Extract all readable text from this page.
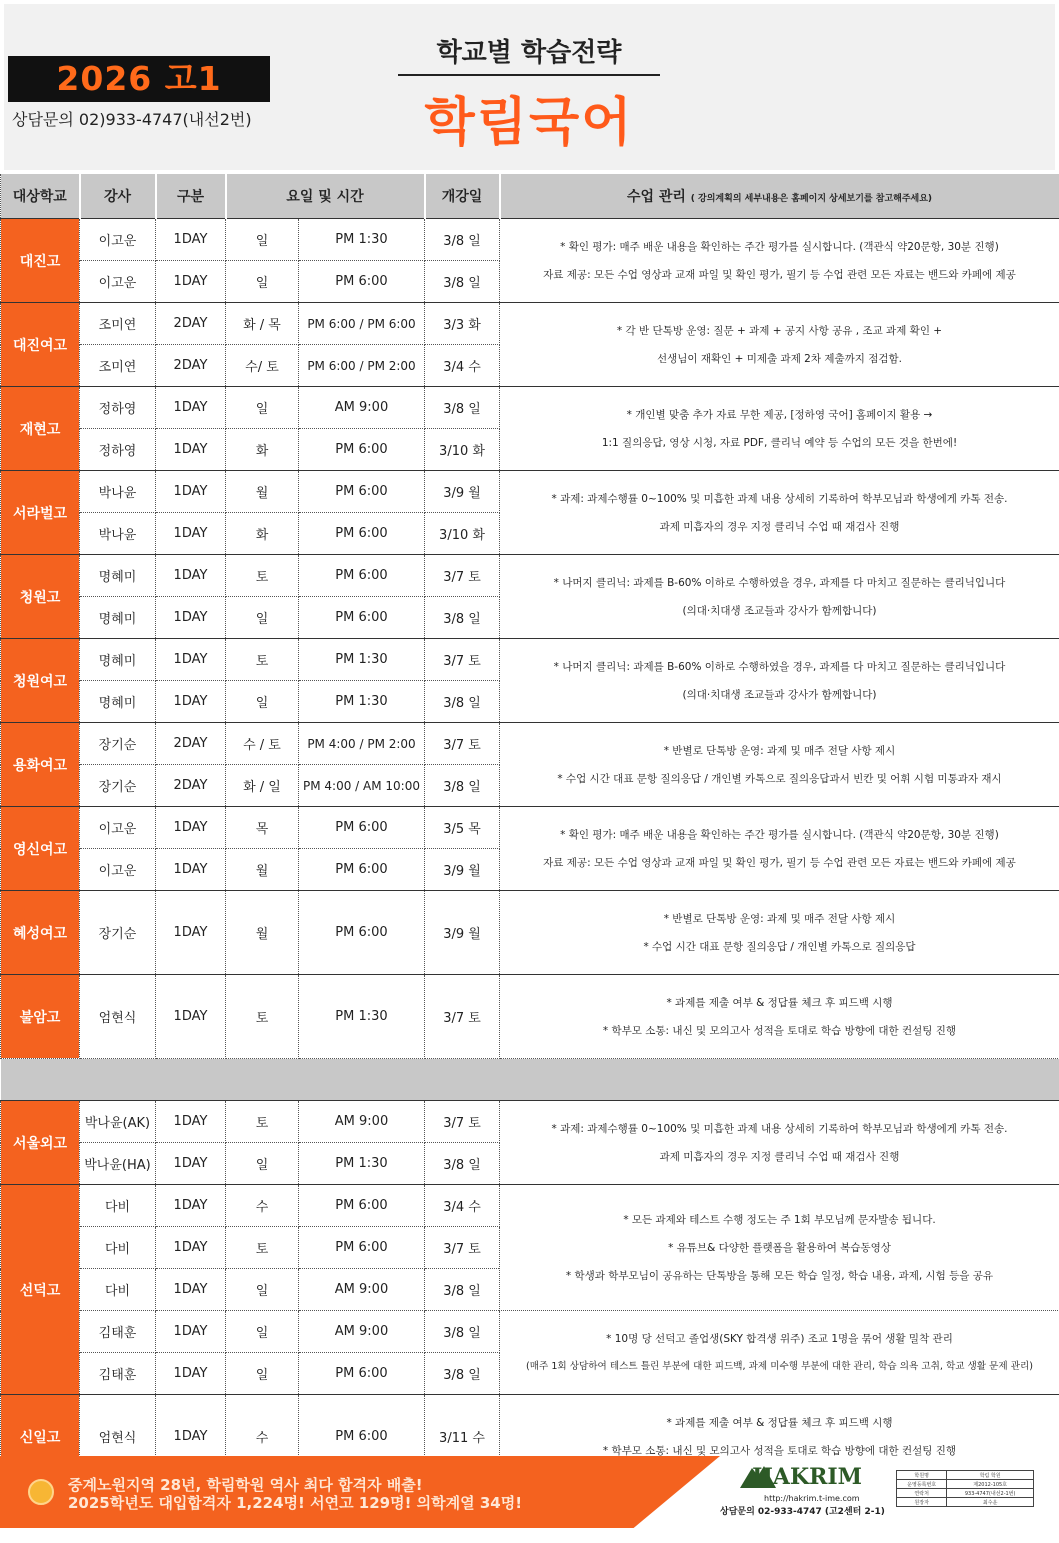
2026 고1
상담문의 02)933-4747(내선2번)
학교별 학습전략
학림국어
대상학교	강사	구분	요일 및 시간		개강일	수업 관리 ( 강의계획의 세부내용은 홈페이지 상세보기를 참고해주세요)
대진고	이고운	1DAY	일	PM 1:30	3/8 일	* 확인 평가: 매주 배운 내용을 확인하는 주간 평가를 실시합니다. (객관식 약20문항, 30분 진행)
자료 제공: 모든 수업 영상과 교재 파일 및 확인 평가, 필기 등 수업 관련 모든 자료는 밴드와 카페에 제공

	이고운	1DAY	일	PM 6:00	3/8 일	
대진여고	조미연	2DAY	화 / 목	PM 6:00 / PM 6:00	3/3 화	* 각 반 단톡방 운영: 질문 + 과제 + 공지 사항 공유 , 조교 과제 확인 +
선생님이 재확인 + 미제출 과제 2차 제출까지 점검함.

	조미연	2DAY	수/ 토	PM 6:00 / PM 2:00	3/4 수	
재현고	정하영	1DAY	일	AM 9:00	3/8 일	* 개인별 맞춤 추가 자료 무한 제공, [정하영 국어] 홈페이지 활용 →
1:1 질의응답, 영상 시청, 자료 PDF, 클리닉 예약 등 수업의 모든 것을 한번에!

	정하영	1DAY	화	PM 6:00	3/10 화	
서라벌고	박나윤	1DAY	월	PM 6:00	3/9 월	* 과제: 과제수행률 0~100% 및 미흡한 과제 내용 상세히 기록하여 학부모님과 학생에게 카톡 전송.
과제 미흡자의 경우 지정 클리닉 수업 때 재검사 진행

	박나윤	1DAY	화	PM 6:00	3/10 화	
청원고	명혜미	1DAY	토	PM 6:00	3/7 토	* 나머지 클리닉: 과제를 B-60% 이하로 수행하였을 경우, 과제를 다 마치고 질문하는 클리닉입니다
(의대·치대생 조교들과 강사가 함께합니다)

	명혜미	1DAY	일	PM 6:00	3/8 일	
청원여고	명혜미	1DAY	토	PM 1:30	3/7 토	* 나머지 클리닉: 과제를 B-60% 이하로 수행하였을 경우, 과제를 다 마치고 질문하는 클리닉입니다
(의대·치대생 조교들과 강사가 함께합니다)

	명혜미	1DAY	일	PM 1:30	3/8 일	
용화여고	장기순	2DAY	수 / 토	PM 4:00 / PM 2:00	3/7 토	* 반별로 단톡방 운영: 과제 및 매주 전달 사항 제시
* 수업 시간 대표 문항 질의응답 / 개인별 카톡으로 질의응답과서 빈칸 및 어휘 시험 미통과자 재시

	장기순	2DAY	화 / 일	PM 4:00 / AM 10:00	3/8 일	
영신여고	이고운	1DAY	목	PM 6:00	3/5 목	* 확인 평가: 매주 배운 내용을 확인하는 주간 평가를 실시합니다. (객관식 약20문항, 30분 진행)
자료 제공: 모든 수업 영상과 교재 파일 및 확인 평가, 필기 등 수업 관련 모든 자료는 밴드와 카페에 제공

	이고운	1DAY	월	PM 6:00	3/9 월	
혜성여고	장기순	1DAY	월	PM 6:00	3/9 월	* 반별로 단톡방 운영: 과제 및 매주 전달 사항 제시
* 수업 시간 대표 문항 질의응답 / 개인별 카톡으로 질의응답

불암고	엄현식	1DAY	토	PM 1:30	3/7 토	* 과제를 제출 여부 & 정답률 체크 후 피드백 시행
* 학부모 소통: 내신 및 모의고사 성적을 토대로 학습 방향에 대한 컨설팅 진행

서울외고	박나윤(AK)	1DAY	토	AM 9:00	3/7 토	* 과제: 과제수행률 0~100% 및 미흡한 과제 내용 상세히 기록하여 학부모님과 학생에게 카톡 전송.
과제 미흡자의 경우 지정 클리닉 수업 때 재검사 진행

	박나윤(HA)	1DAY	일	PM 1:30	3/8 일	
선덕고	다비	1DAY	수	PM 6:00	3/4 수	* 모든 과제와 테스트 수행 정도는 주 1회 부모님께 문자발송 됩니다.
* 유튜브& 다양한 플랫폼을 활용하여 복습동영상
* 학생과 학부모님이 공유하는 단톡방을 통해 모든 학습 일정, 학습 내용, 과제, 시험 등을 공유

	다비	1DAY	토	PM 6:00	3/7 토	
	다비	1DAY	일	AM 9:00	3/8 일	
	김태훈	1DAY	일	AM 9:00	3/8 일	* 10명 당 선덕고 졸업생(SKY 합격생 위주) 조교 1명을 묶어 생활 밀착 관리
(매주 1회 상담하여 테스트 틀린 부분에 대한 피드백, 과제 미수행 부분에 대한 관리, 학습 의욕 고취, 학교 생활 문제 관리)

	김태훈	1DAY	일	PM 6:00	3/8 일	
신일고	엄현식	1DAY	수	PM 6:00	3/11 수	* 과제를 제출 여부 & 정답률 체크 후 피드백 시행
* 학부모 소통: 내신 및 모의고사 성적을 토대로 학습 방향에 대한 컨설팅 진행
중계노원지역 28년, 학림학원 역사 최다 합격자 배출!
2025학년도 대입합격자 1,224명! 서연고 129명! 의학계열 34명!
HAKRIM
http://hakrim.t-ime.com
상담문의 02-933-4747 (고2센터 2-1)
학원명	학림 학원
운영등록번호	제2012-105호
연락처	933-4747(내선2-1번)
원장자	최수운
